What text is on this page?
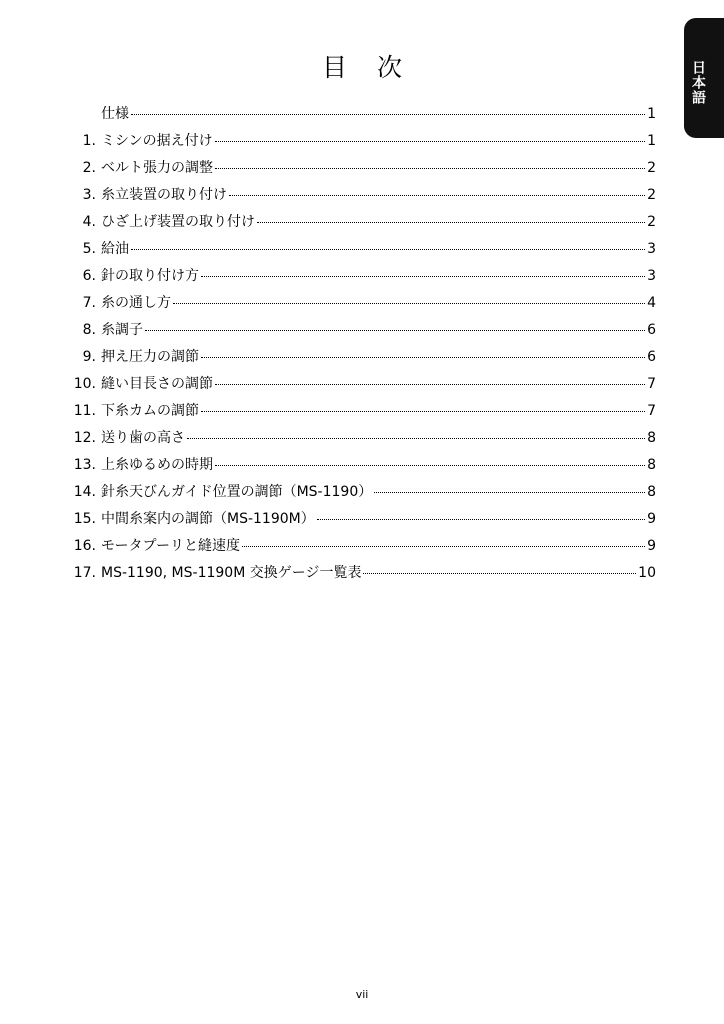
日本語
目次
仕様	1
1. ミシンの据え付け	1
2. ベルト張力の調整	2
3. 糸立装置の取り付け	2
4. ひざ上げ装置の取り付け	2
5. 給油	3
6. 針の取り付け方	3
7. 糸の通し方	4
8. 糸調子	6
9. 押え圧力の調節	6
10. 縫い目長さの調節	7
11. 下糸カムの調節	7
12. 送り歯の高さ	8
13. 上糸ゆるめの時期	8
14. 針糸天びんガイド位置の調節（MS-1190）	8
15. 中間糸案内の調節（MS-1190M）	9
16. モータプーリと縫速度	9
17. MS-1190, MS-1190M 交換ゲージ一覧表	10
vii
